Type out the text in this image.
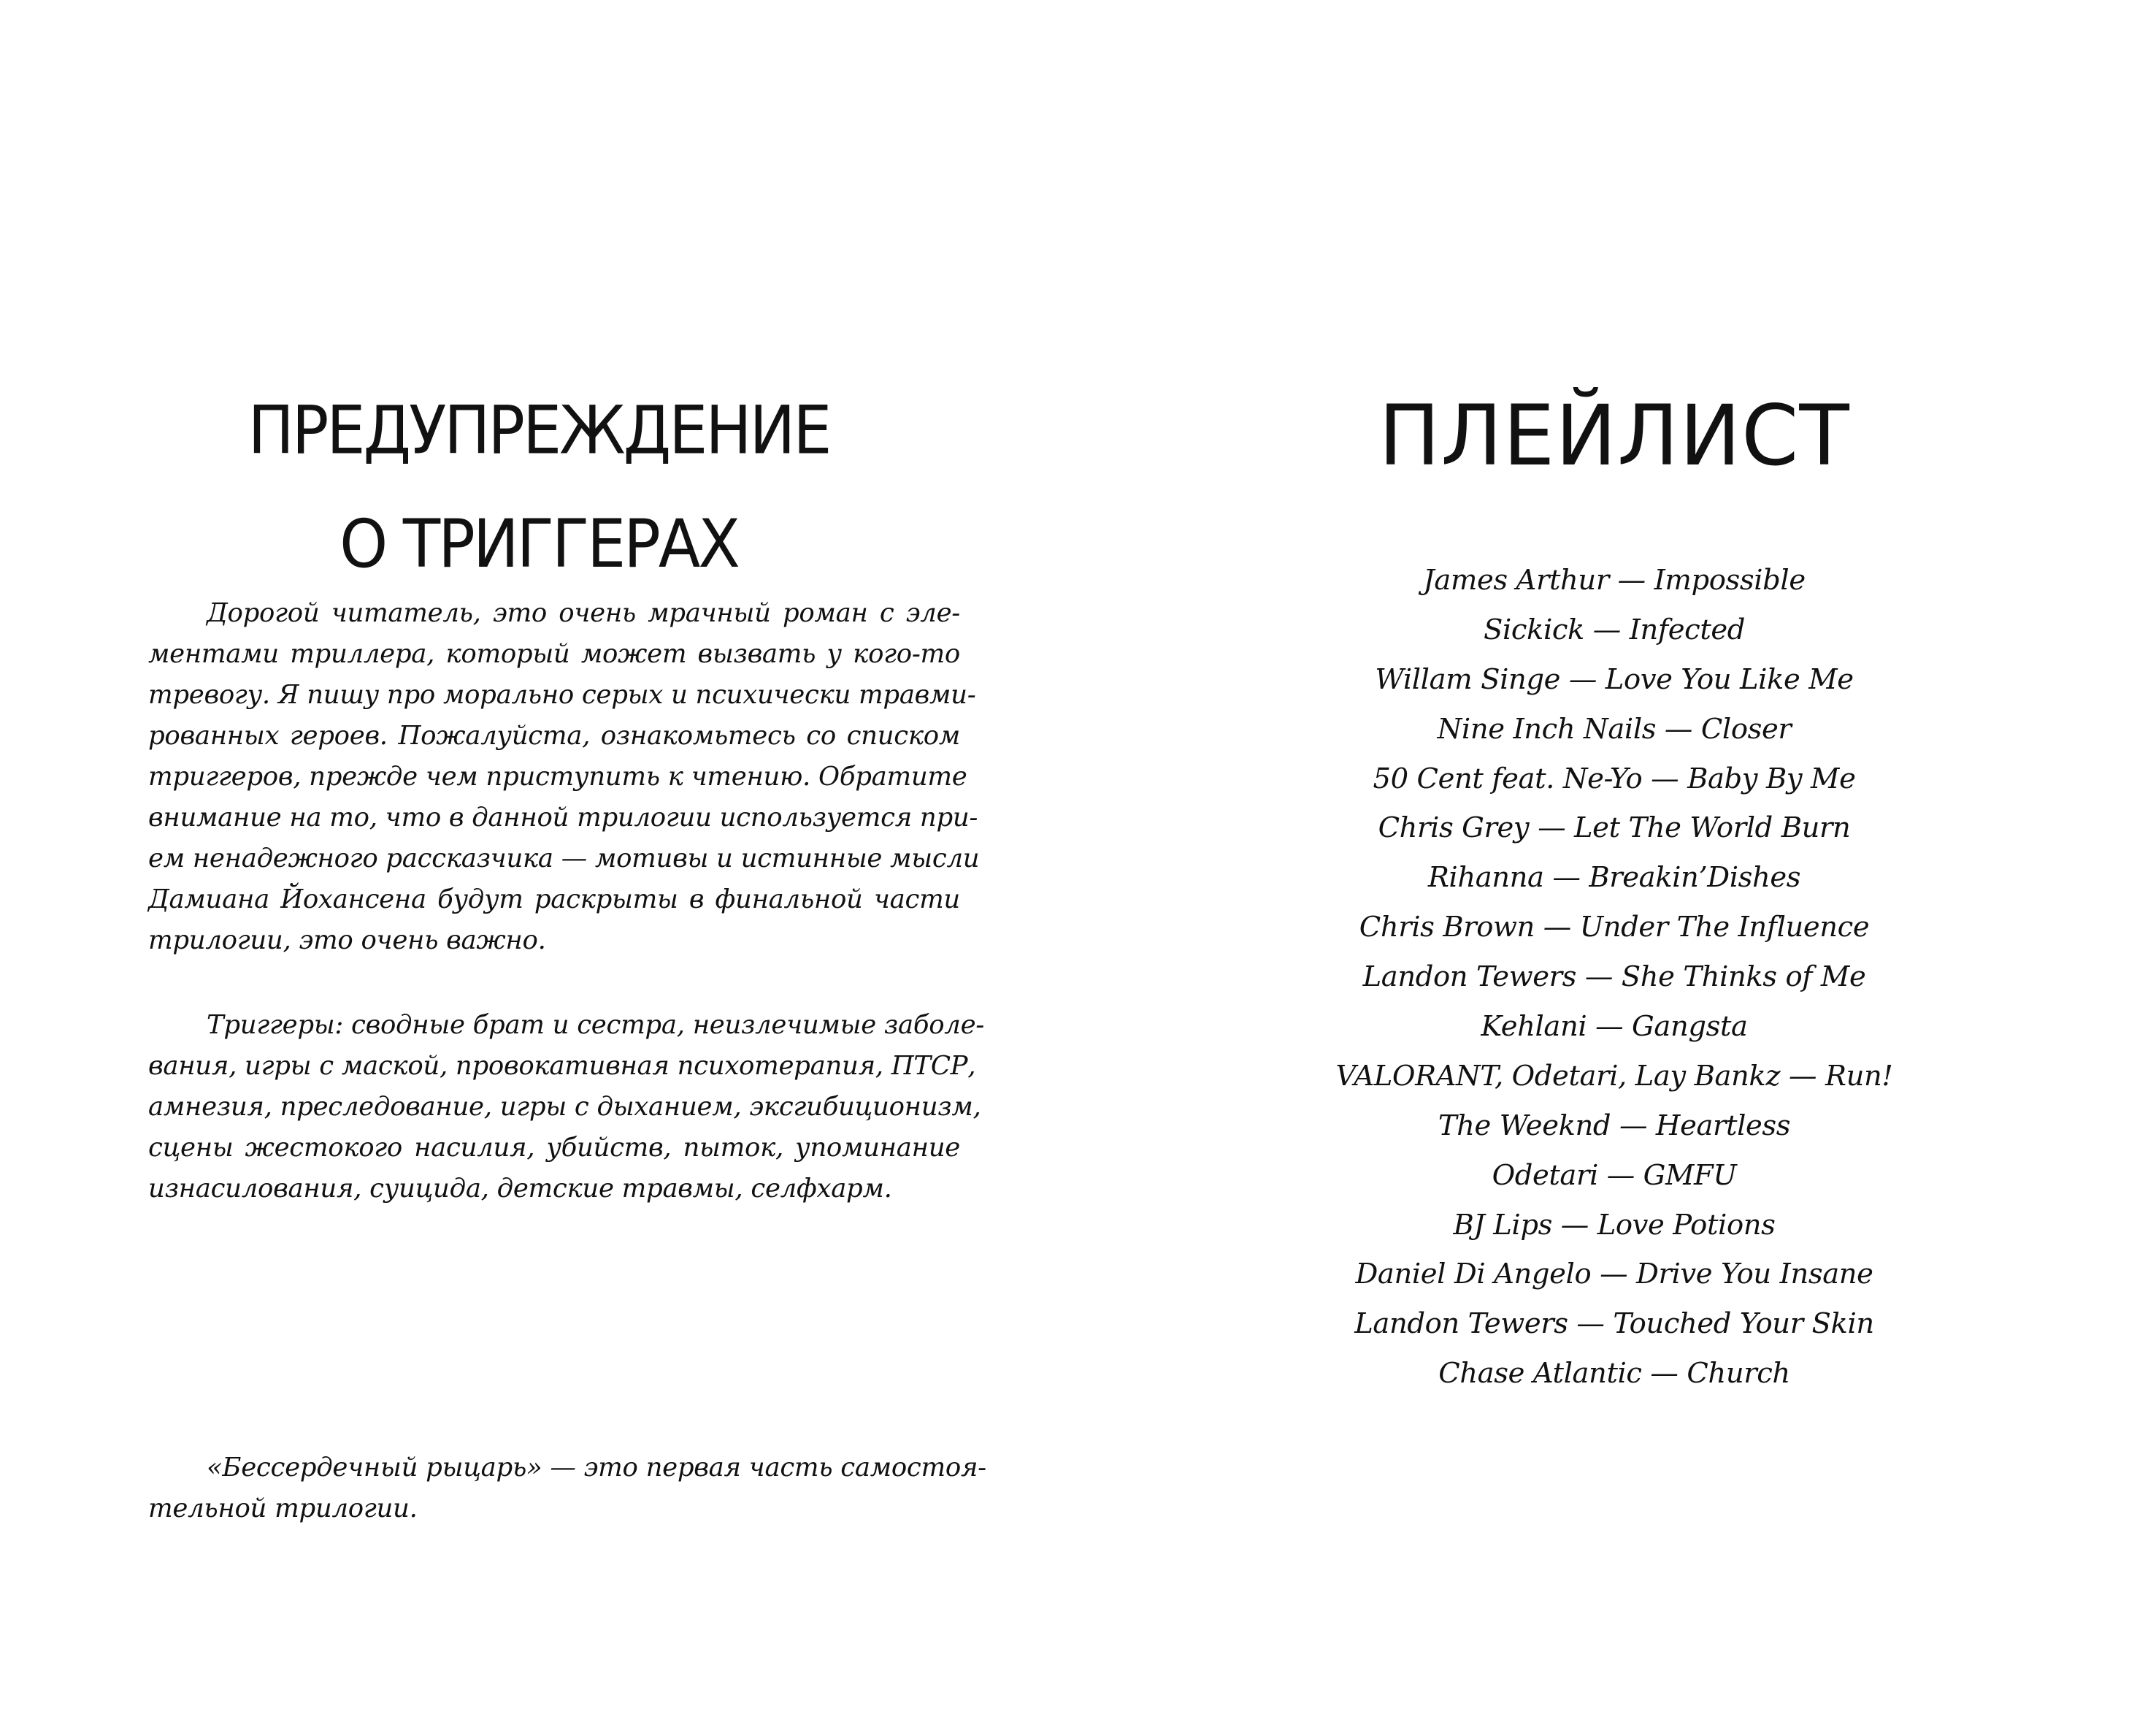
ПРЕДУПРЕЖДЕНИЕ
О ТРИГГЕРАХ
Дорогой читатель, это очень мрачный роман с эле-
ментами триллера, который может вызвать у кого-то
тревогу. Я пишу про морально серых и психически травми-
рованных героев. Пожалуйста, ознакомьтесь со списком
триггеров, прежде чем приступить к чтению. Обратите
внимание на то, что в данной трилогии используется при-
ем ненадежного рассказчика — мотивы и истинные мысли
Дамиана Йохансена будут раскрыты в финальной части
трилогии, это очень важно.
Триггеры: сводные брат и сестра, неизлечимые заболе-
вания, игры с маской, провокативная психотерапия, ПТСР,
амнезия, преследование, игры с дыханием, эксгибиционизм,
сцены жестокого насилия, убийств, пыток, упоминание
изнасилования, суицида, детские травмы, селфхарм.
«Бессердечный рыцарь» — это первая часть самостоя-
тельной трилогии.
ПЛЕЙЛИСТ
James Arthur — Impossible
Sickick — Infected
Willam Singe — Love You Like Me
Nine Inch Nails — Closer
50 Cent feat. Ne-Yo — Baby By Me
Chris Grey — Let The World Burn
Rihanna — Breakin’Dishes
Chris Brown — Under The Influence
Landon Tewers — She Thinks of Me
Kehlani — Gangsta
VALORANT, Odetari, Lay Bankz — Run!
The Weeknd — Heartless
Odetari — GMFU
BJ Lips — Love Potions
Daniel Di Angelo — Drive You Insane
Landon Tewers — Touched Your Skin
Chase Atlantic — Church
